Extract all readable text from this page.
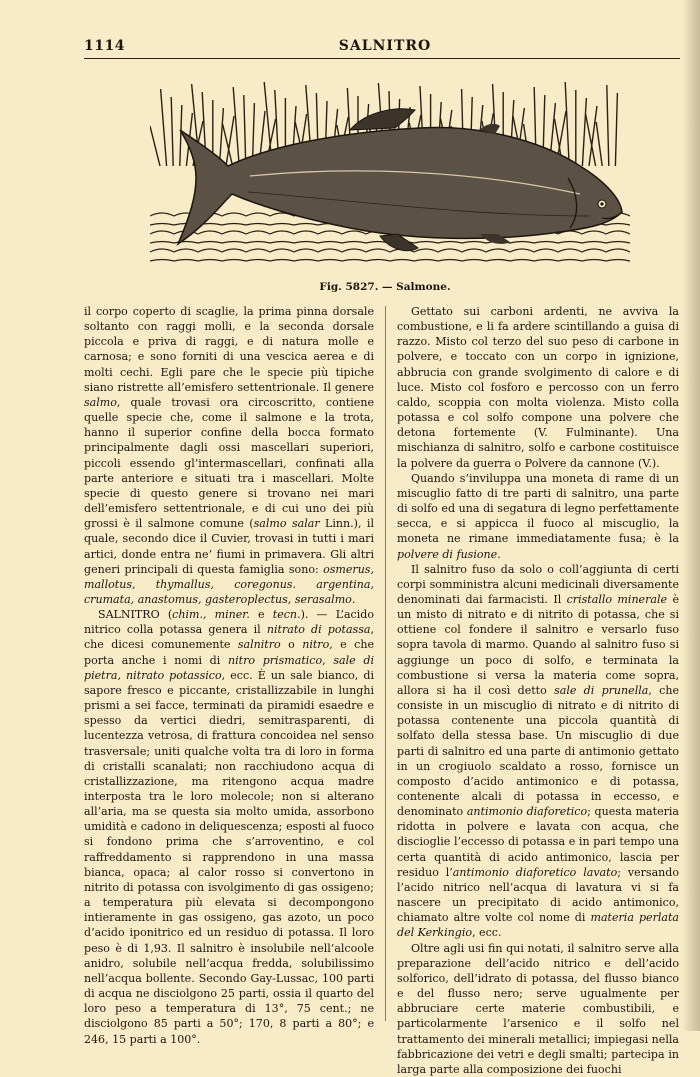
1114	SALNITRO
Fig. 5827. — Salmone.

il corpo coperto di scaglie, la prima pinna dorsale soltanto con raggi molli, e la seconda dorsale piccola e priva di raggi, e di natura molle e carnosa; e sono forniti di una vescica aerea e di molti cechi. Egli pare che le specie più tipiche siano ristrette all’emisfero settentrionale. Il genere salmo, quale trovasi ora circoscritto, contiene quelle specie che, come il salmone e la trota, hanno il superior confine della bocca formato principalmente dagli ossi mascellari superiori, piccoli essendo gl’intermascellari, confinati alla parte anteriore e situati tra i mascellari. Molte specie di questo genere si trovano nei mari dell’emisfero settentrionale, e di cui uno dei più grossi è il salmone comune (salmo salar Linn.), il quale, secondo dice il Cuvier, trovasi in tutti i mari artici, donde entra ne’ fiumi in primavera. Gli altri generi principali di questa famiglia sono: osmerus, mallotus, thymallus, coregonus. argentina, crumata, anastomus, gasteroplectus, serasalmo.

SALNITRO (chim., miner. e tecn.). — L’acido nitrico colla potassa genera il nitrato di potassa, che dicesi comunemente salnitro o nitro, e che porta anche i nomi di nitro prismatico, sale di pietra, nitrato potassico, ecc. È un sale bianco, di sapore fresco e piccante, cristallizzabile in lunghi prismi a sei facce, terminati da piramidi esaedre e spesso da vertici diedri, semitrasparenti, di lucentezza vetrosa, di frattura concoidea nel senso trasversale; uniti qualche volta tra di loro in forma di cristalli scanalati; non racchiudono acqua di cristallizzazione, ma ritengono acqua madre interposta tra le loro molecole; non si alterano all’aria, ma se questa sia molto umida, assorbono umidità e cadono in deliquescenza; esposti al fuoco si fondono prima che s’arroventino, e col raffreddamento si rapprendono in una massa bianca, opaca; al calor rosso si convertono in nitrito di potassa con isvolgimento di gas ossigeno; a temperatura più elevata si decompongono intieramente in gas ossigeno, gas azoto, un poco d’acido iponitrico ed un residuo di potassa. Il loro peso è di 1,93. Il salnitro è insolubile nell’alcoole anidro, solubile nell’acqua fredda, solubilissimo nell’acqua bollente. Secondo Gay-Lussac, 100 parti di acqua ne disciolgono 25 parti, ossia il quarto del loro peso a temperatura di 13°, 75 cent.; ne disciolgono 85 parti a 50°; 170, 8 parti a 80°; e 246, 15 parti a 100°.

Gettato sui carboni ardenti, ne avviva la combustione, e li fa ardere scintillando a guisa di razzo. Misto col terzo del suo peso di carbone in polvere, e toccato con un corpo in ignizione, abbrucia con grande svolgimento di calore e di luce. Misto col fosforo e percosso con un ferro caldo, scoppia con molta violenza. Misto colla potassa e col solfo compone una polvere che detona fortemente (V. Fulminante). Una mischianza di salnitro, solfo e carbone costituisce la polvere da guerra o Polvere da cannone (V.).

Quando s’inviluppa una moneta di rame di un miscuglio fatto di tre parti di salnitro, una parte di solfo ed una di segatura di legno perfettamente secca, e si appicca il fuoco al miscuglio, la moneta ne rimane immediatamente fusa; è la polvere di fusione.

Il salnitro fuso da solo o coll’aggiunta di certi corpi somministra alcuni medicinali diversamente denominati dai farmacisti. Il cristallo minerale è un misto di nitrato e di nitrito di potassa, che si ottiene col fondere il salnitro e versarlo fuso sopra tavola di marmo. Quando al salnitro fuso si aggiunge un poco di solfo, e terminata la combustione si versa la materia come sopra, allora si ha il così detto sale di prunella, che consiste in un miscuglio di nitrato e di nitrito di potassa contenente una piccola quantità di solfato della stessa base. Un miscuglio di due parti di salnitro ed una parte di antimonio gettato in un crogiuolo scaldato a rosso, fornisce un composto d’acido antimonico e di potassa, contenente alcali di potassa in eccesso, e denominato antimonio diaforetico; questa materia ridotta in polvere e lavata con acqua, che discioglie l’eccesso di potassa e in pari tempo una certa quantità di acido antimonico, lascia per residuo l’antimonio diaforetico lavato; versando l’acido nitrico nell’acqua di lavatura vi si fa nascere un precipitato di acido antimonico, chiamato altre volte col nome di materia perlata del Kerkingio, ecc.

Oltre agli usi fin qui notati, il salnitro serve alla preparazione dell’acido nitrico e dell’acido solforico, dell’idrato di potassa, del flusso bianco e del flusso nero; serve ugualmente per abbruciare certe materie combustibili, e particolarmente l’arsenico e il solfo nel trattamento dei minerali metallici; impiegasi nella fabbricazione dei vetri e degli smalti; partecipa in larga parte alla composizione dei fuochi
